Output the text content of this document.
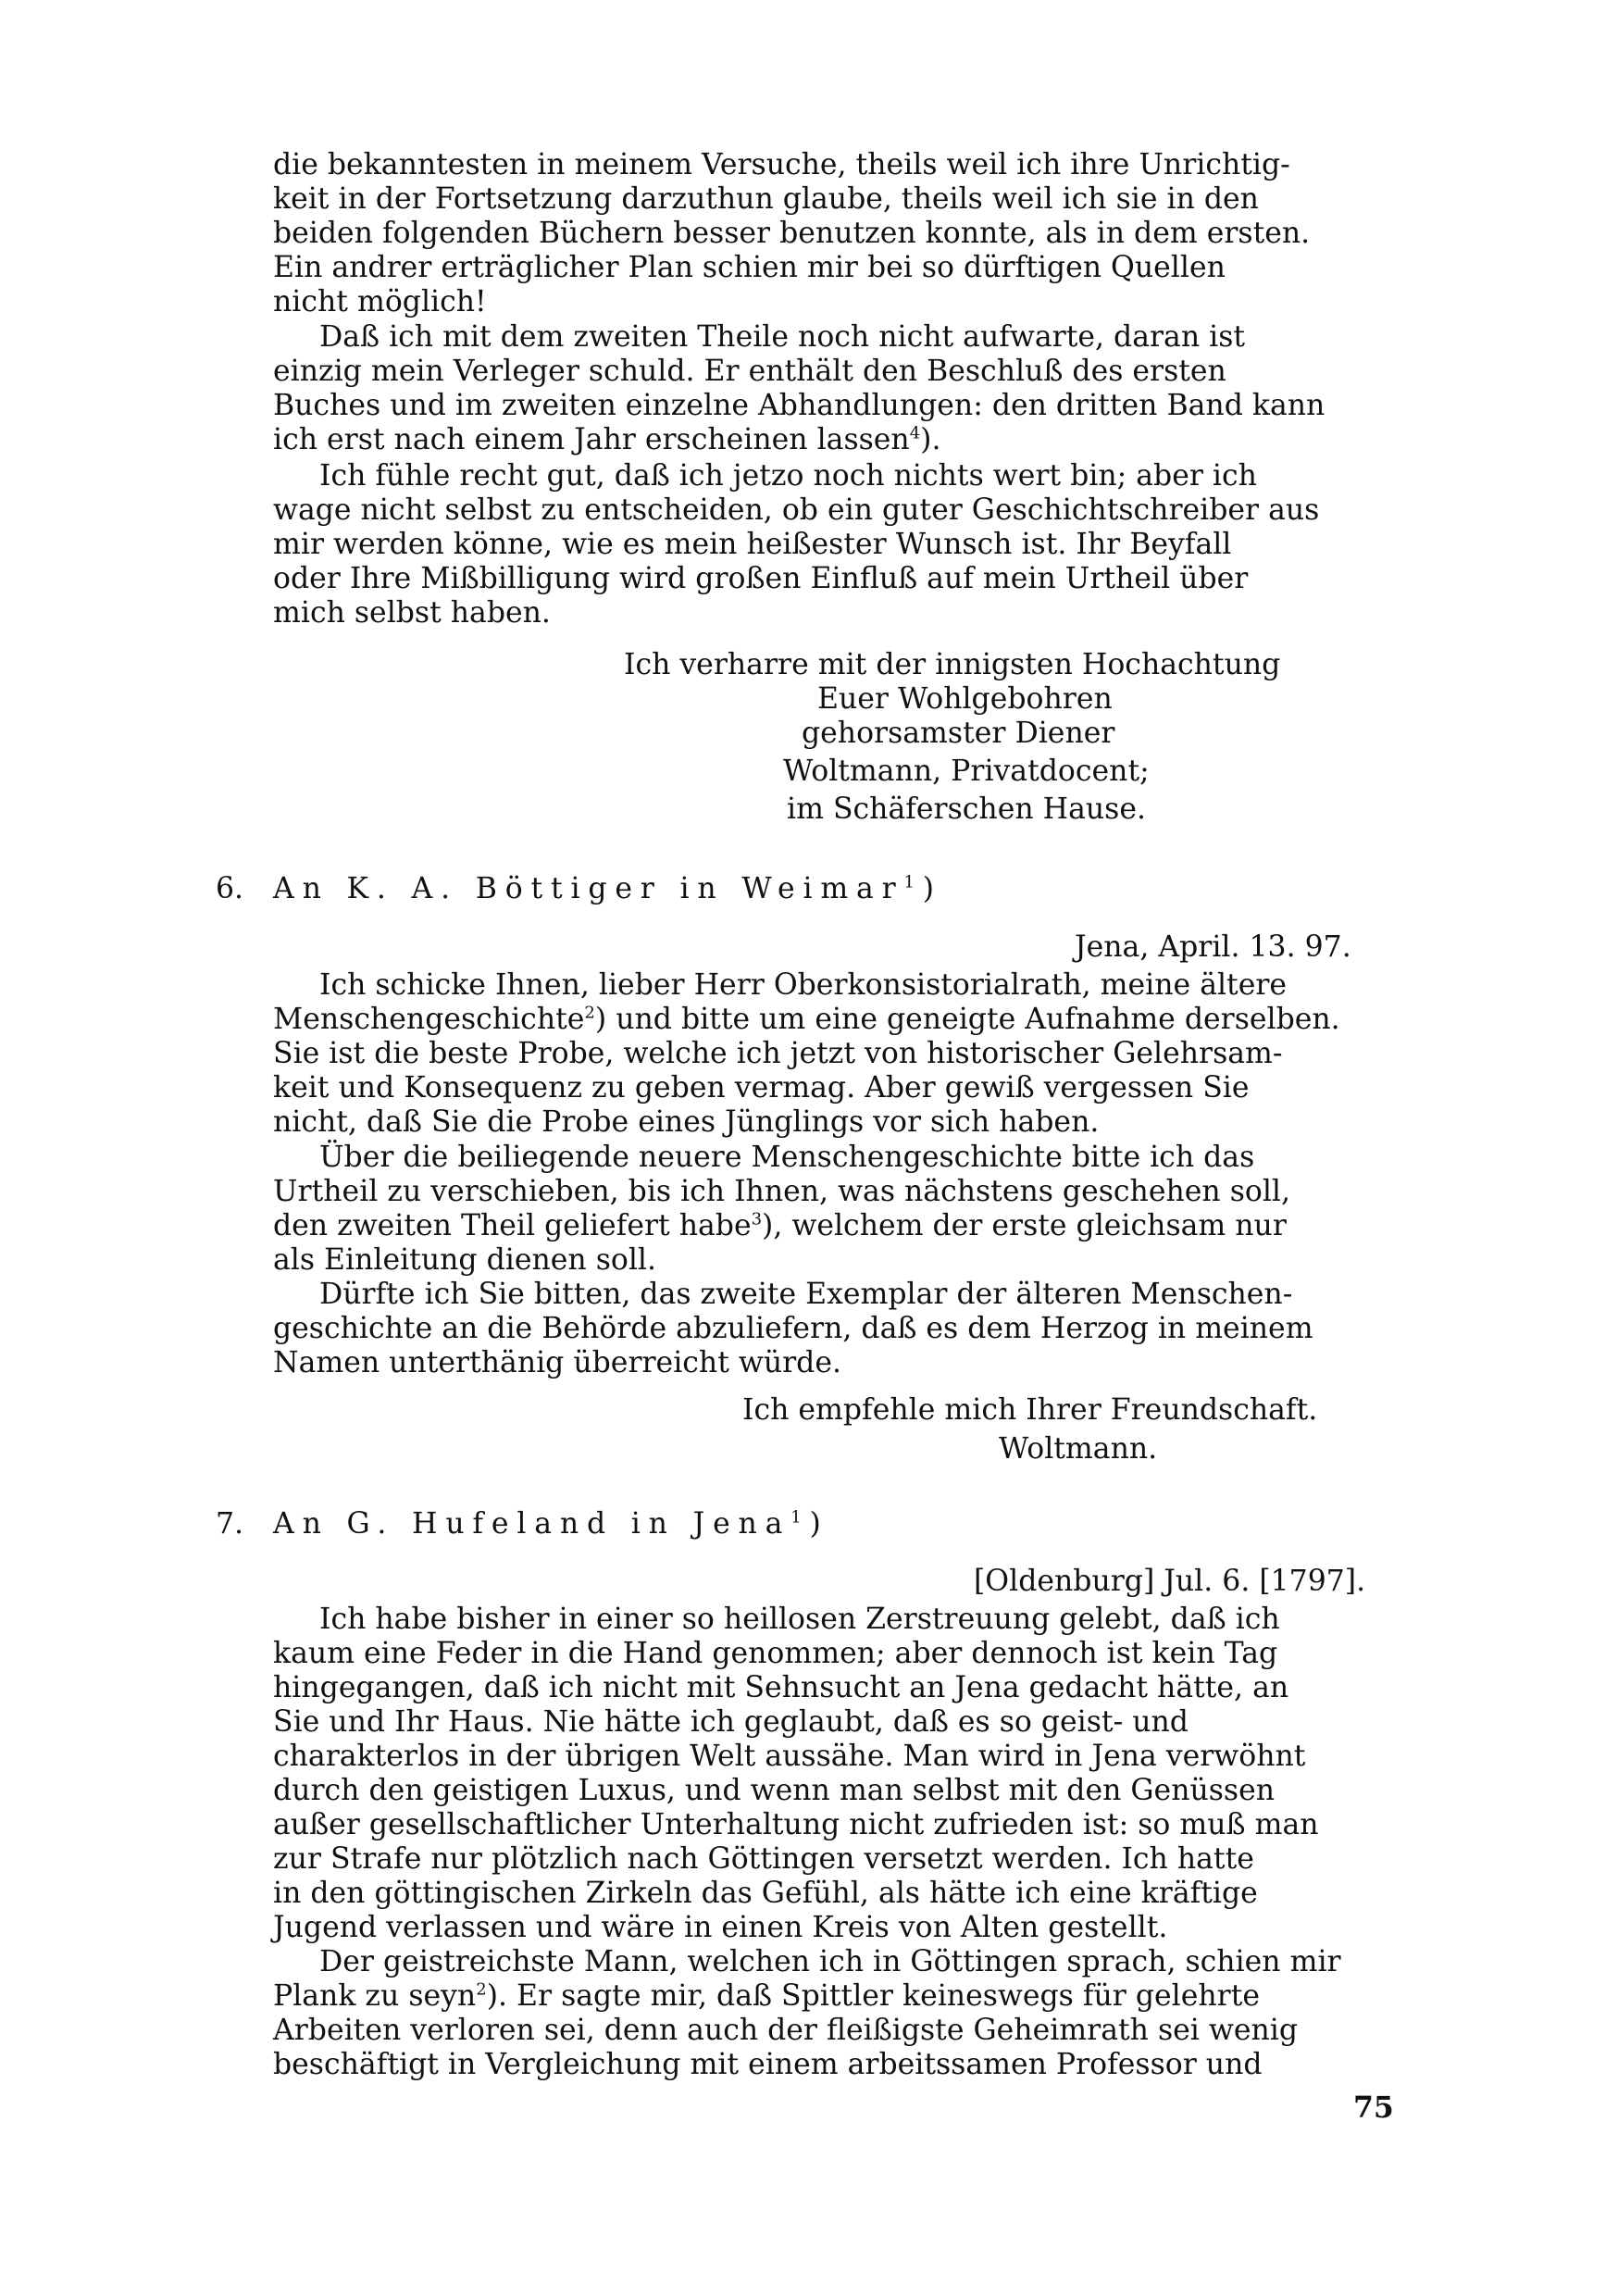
die bekanntesten in meinem Versuche, theils weil ich ihre Unrichtig-
keit in der Fortsetzung darzuthun glaube, theils weil ich sie in den
beiden folgenden Büchern besser benutzen konnte, als in dem ersten.
Ein andrer erträglicher Plan schien mir bei so dürftigen Quellen
nicht möglich!
Daß ich mit dem zweiten Theile noch nicht aufwarte, daran ist
einzig mein Verleger schuld. Er enthält den Beschluß des ersten
Buches und im zweiten einzelne Abhandlungen: den dritten Band kann
ich erst nach einem Jahr erscheinen lassen$^4$).
Ich fühle recht gut, daß ich jetzo noch nichts wert bin; aber ich
wage nicht selbst zu entscheiden, ob ein guter Geschichtschreiber aus
mir werden könne, wie es mein heißester Wunsch ist. Ihr Beyfall
oder Ihre Mißbilligung wird großen Einfluß auf mein Urtheil über
mich selbst haben.
Ich verharre mit der innigsten Hochachtung
Euer Wohlgebohren
gehorsamster Diener
Woltmann, Privatdocent;
im Schäferschen Hause.
6. An K. A. Böttiger in Weimar$^1$)
Jena, April. 13. 97.
Ich schicke Ihnen, lieber Herr Oberkonsistorialrath, meine ältere
Menschengeschichte$^2$) und bitte um eine geneigte Aufnahme derselben.
Sie ist die beste Probe, welche ich jetzt von historischer Gelehrsam-
keit und Konsequenz zu geben vermag. Aber gewiß vergessen Sie
nicht, daß Sie die Probe eines Jünglings vor sich haben.
Über die beiliegende neuere Menschengeschichte bitte ich das
Urtheil zu verschieben, bis ich Ihnen, was nächstens geschehen soll,
den zweiten Theil geliefert habe$^3$), welchem der erste gleichsam nur
als Einleitung dienen soll.
Dürfte ich Sie bitten, das zweite Exemplar der älteren Menschen-
geschichte an die Behörde abzuliefern, daß es dem Herzog in meinem
Namen unterthänig überreicht würde.
Ich empfehle mich Ihrer Freundschaft.
Woltmann.
7. An G. Hufeland in Jena$^1$)
[Oldenburg] Jul. 6. [1797].
Ich habe bisher in einer so heillosen Zerstreuung gelebt, daß ich
kaum eine Feder in die Hand genommen; aber dennoch ist kein Tag
hingegangen, daß ich nicht mit Sehnsucht an Jena gedacht hätte, an
Sie und Ihr Haus. Nie hätte ich geglaubt, daß es so geist- und
charakterlos in der übrigen Welt aussähe. Man wird in Jena verwöhnt
durch den geistigen Luxus, und wenn man selbst mit den Genüssen
außer gesellschaftlicher Unterhaltung nicht zufrieden ist: so muß man
zur Strafe nur plötzlich nach Göttingen versetzt werden. Ich hatte
in den göttingischen Zirkeln das Gefühl, als hätte ich eine kräftige
Jugend verlassen und wäre in einen Kreis von Alten gestellt.
Der geistreichste Mann, welchen ich in Göttingen sprach, schien mir
Plank zu seyn$^2$). Er sagte mir, daß Spittler keineswegs für gelehrte
Arbeiten verloren sei, denn auch der fleißigste Geheimrath sei wenig
beschäftigt in Vergleichung mit einem arbeitssamen Professor und
75
